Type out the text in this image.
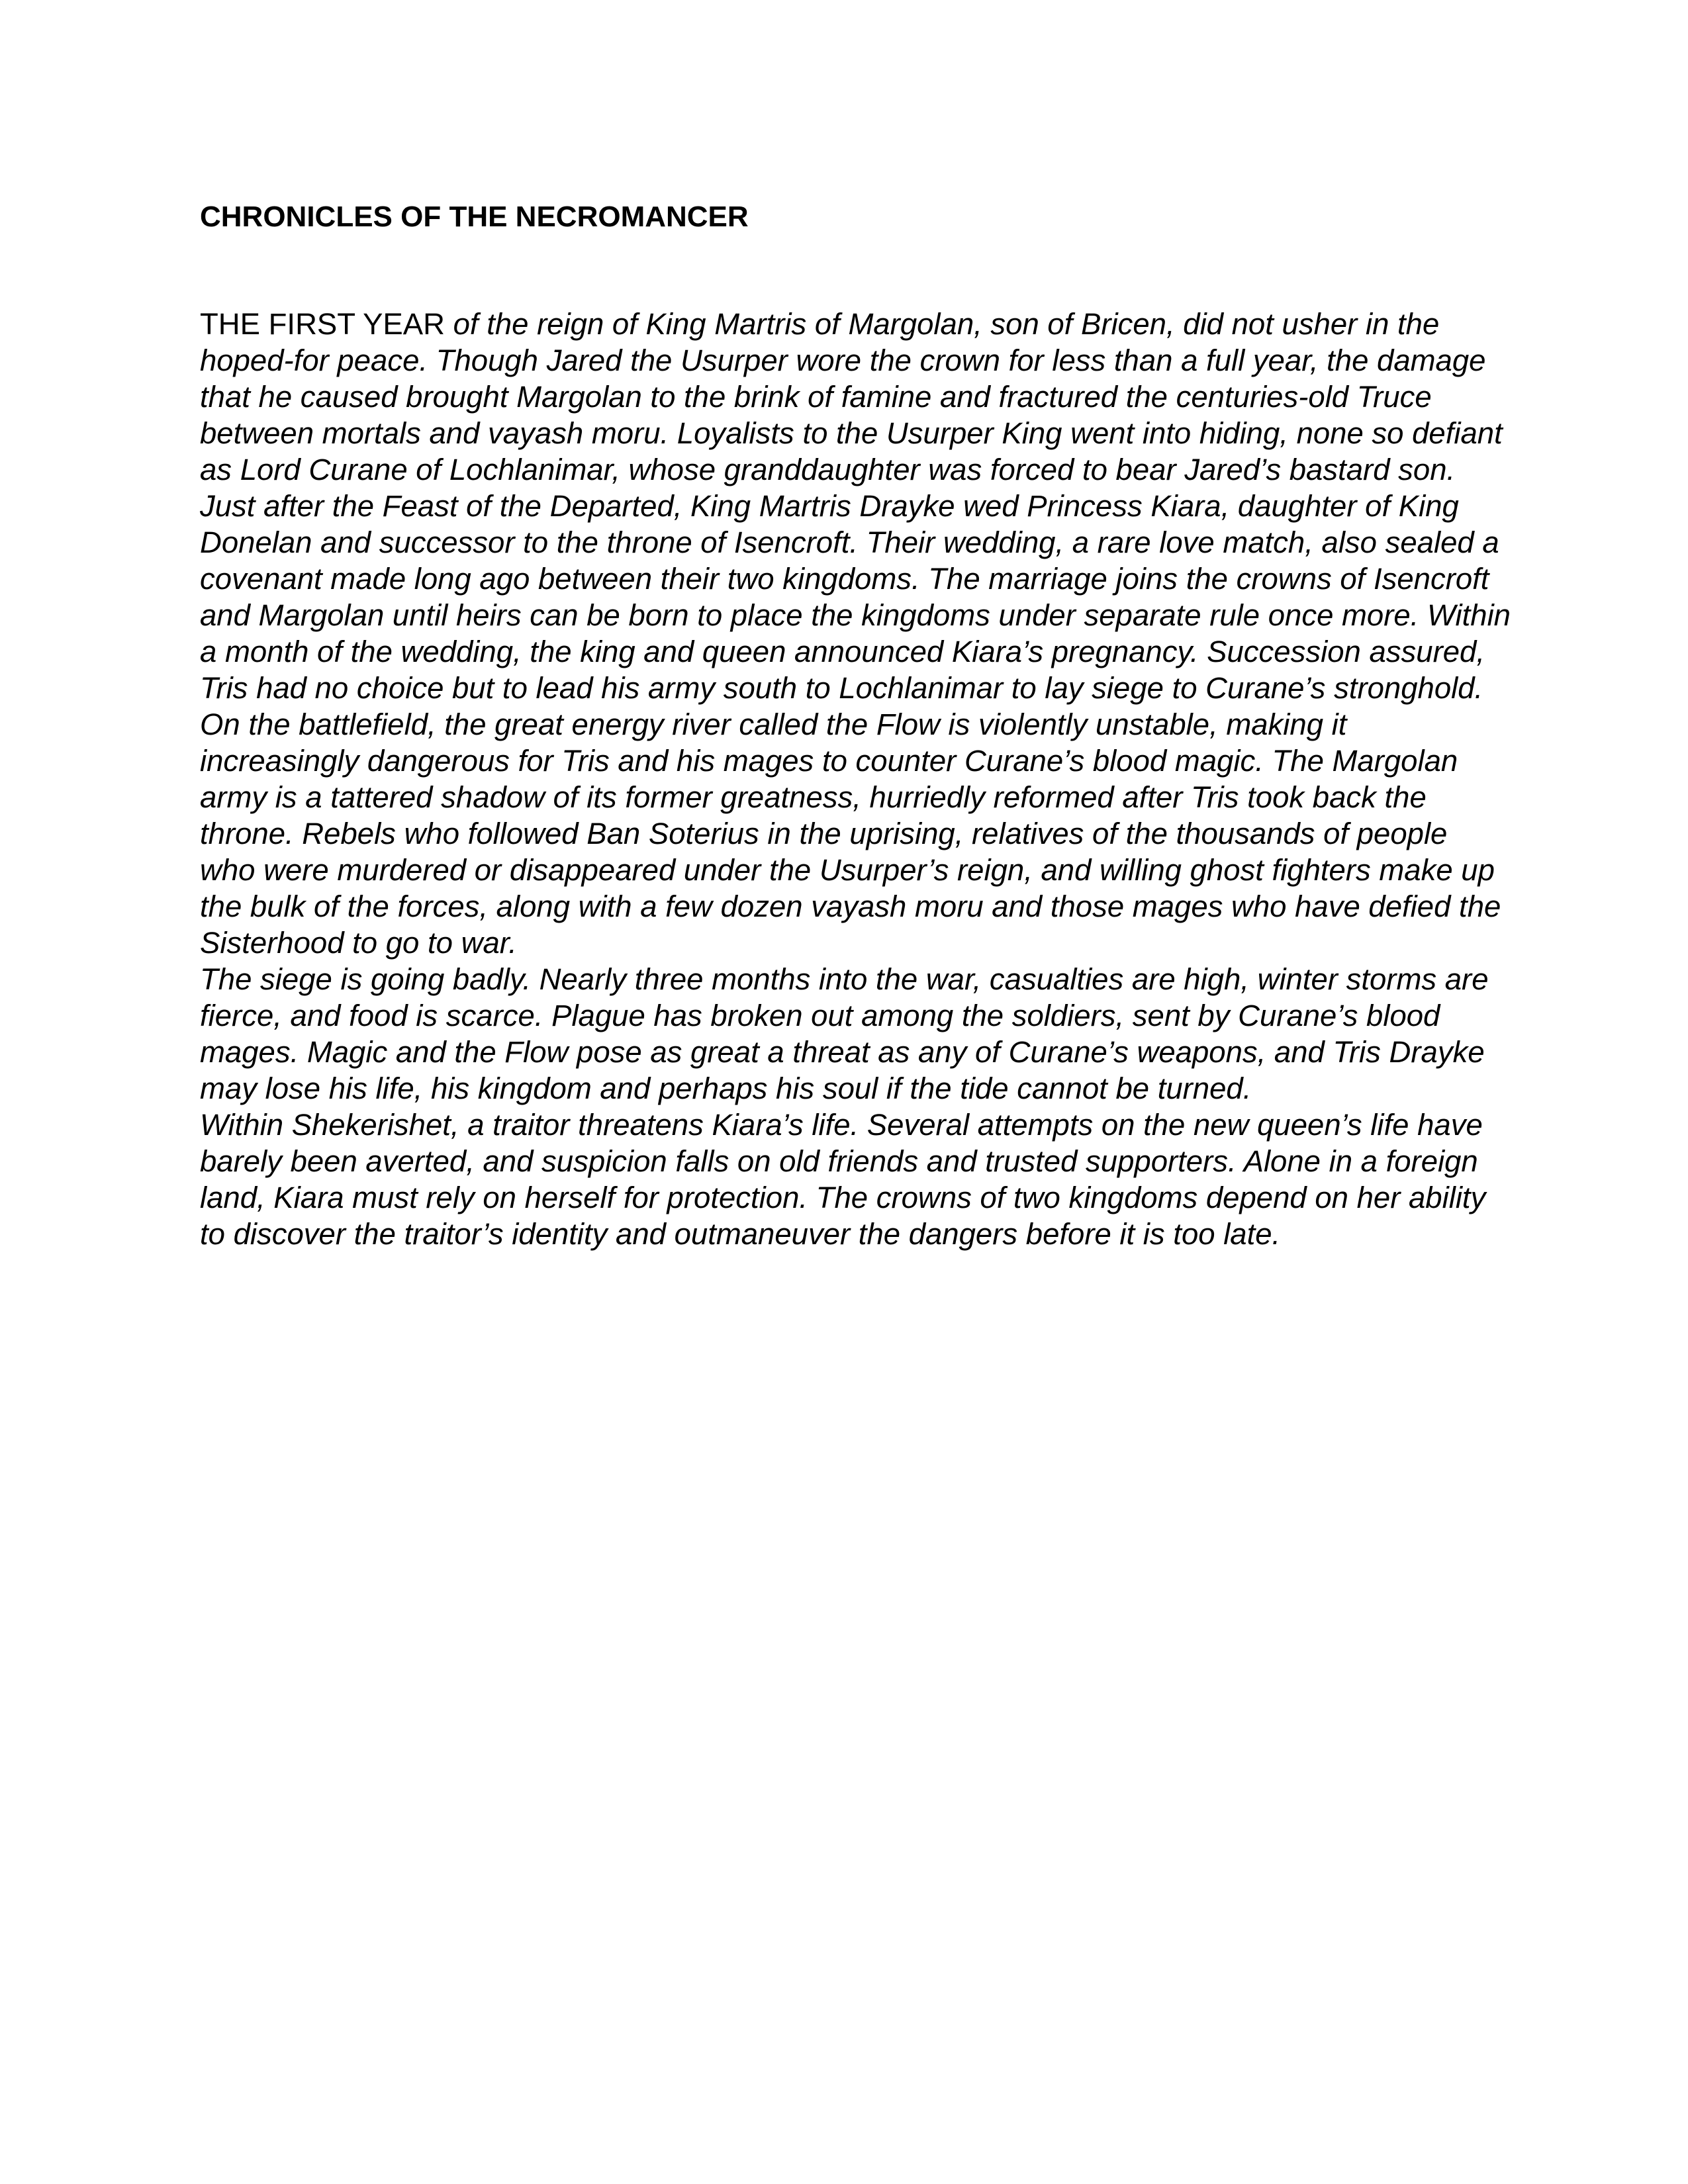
CHRONICLES OF THE NECROMANCER

THE FIRST YEAR of the reign of King Martris of Margolan, son of Bricen, did not usher in the hoped-for peace. Though Jared the Usurper wore the crown for less than a full year, the damage that he caused brought Margolan to the brink of famine and fractured the centuries-old Truce between mortals and vayash moru. Loyalists to the Usurper King went into hiding, none so defiant as Lord Curane of Lochlanimar, whose granddaughter was forced to bear Jared’s bastard son.

Just after the Feast of the Departed, King Martris Drayke wed Princess Kiara, daughter of King Donelan and successor to the throne of Isencroft. Their wedding, a rare love match, also sealed a covenant made long ago between their two kingdoms. The marriage joins the crowns of Isencroft and Margolan until heirs can be born to place the kingdoms under separate rule once more. Within a month of the wedding, the king and queen announced Kiara’s pregnancy. Succession assured, Tris had no choice but to lead his army south to Lochlanimar to lay siege to Curane’s stronghold.

On the battlefield, the great energy river called the Flow is violently unstable, making it increasingly dangerous for Tris and his mages to counter Curane’s blood magic. The Margolan army is a tattered shadow of its former greatness, hurriedly reformed after Tris took back the throne. Rebels who followed Ban Soterius in the uprising, relatives of the thousands of people who were murdered or disappeared under the Usurper’s reign, and willing ghost fighters make up the bulk of the forces, along with a few dozen vayash moru and those mages who have defied the Sisterhood to go to war.

The siege is going badly. Nearly three months into the war, casualties are high, winter storms are fierce, and food is scarce. Plague has broken out among the soldiers, sent by Curane’s blood mages. Magic and the Flow pose as great a threat as any of Curane’s weapons, and Tris Drayke may lose his life, his kingdom and perhaps his soul if the tide cannot be turned.

Within Shekerishet, a traitor threatens Kiara’s life. Several attempts on the new queen’s life have barely been averted, and suspicion falls on old friends and trusted supporters. Alone in a foreign land, Kiara must rely on herself for protection. The crowns of two kingdoms depend on her ability to discover the traitor’s identity and outmaneuver the dangers before it is too late.
